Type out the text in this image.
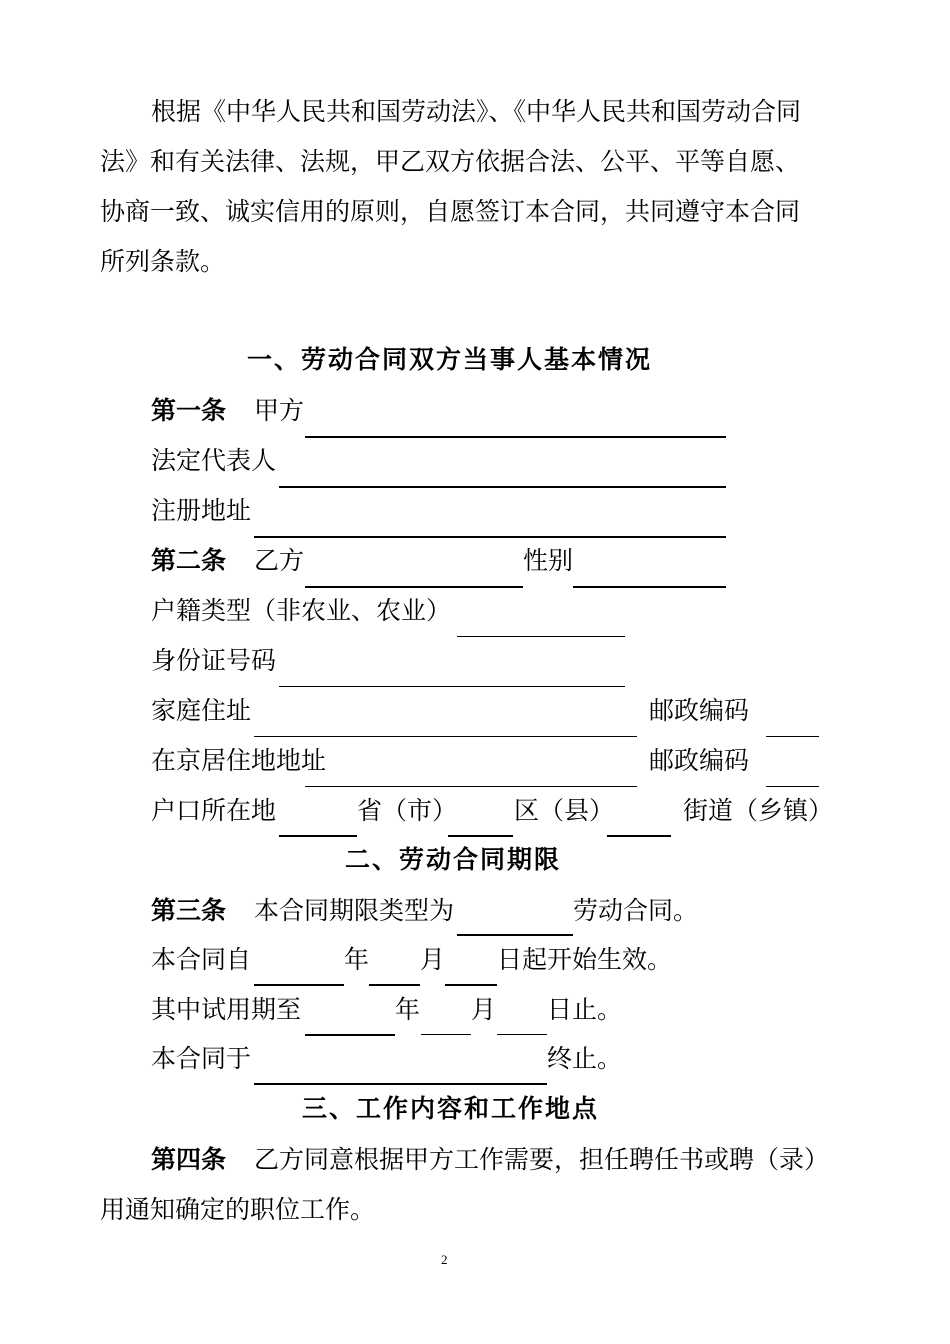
根据《中华人民共和国劳动法》、《中华人民共和国劳动合同
法》和有关法律、法规，甲乙双方依据合法、公平、平等自愿、
协商一致、诚实信用的原则，自愿签订本合同，共同遵守本合同
所列条款。
一、劳动合同双方当事人基本情况
第一条 甲方
法定代表人
注册地址
第二条 乙方	性别
户籍类型（非农业、农业）
身份证号码
家庭住址	邮政编码
在京居住地地址	邮政编码
户口所在地	省（市） 区（县）	街道（乡镇）
二、劳动合同期限
第三条 本合同期限类型为	劳动合同。
本合同自	年 月 日起开始生效。
其中试用期至	年 月 日止。
本合同于	终止。
三、工作内容和工作地点
第四条 乙方同意根据甲方工作需要，担任聘任书或聘（录）
用通知确定的职位工作。
2
